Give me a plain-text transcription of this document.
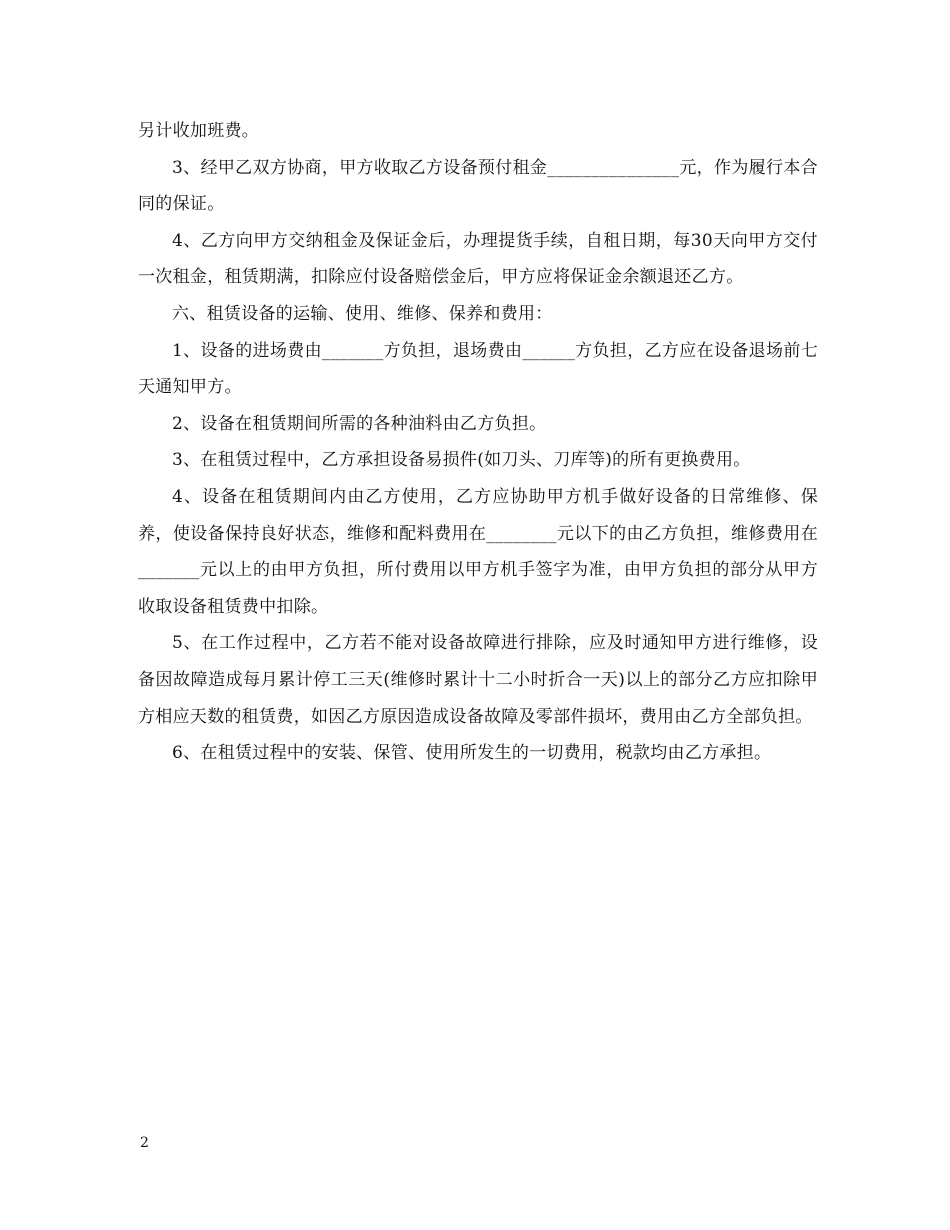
另计收加班费。

3、经甲乙双方协商，甲方收取乙方设备预付租金_______________元，作为履行本合同的保证。

4、乙方向甲方交纳租金及保证金后，办理提货手续，自租日期，每30天向甲方交付一次租金，租赁期满，扣除应付设备赔偿金后，甲方应将保证金余额退还乙方。

六、租赁设备的运输、使用、维修、保养和费用：

1、设备的进场费由_______方负担，退场费由______方负担，乙方应在设备退场前七天通知甲方。

2、设备在租赁期间所需的各种油料由乙方负担。

3、在租赁过程中，乙方承担设备易损件(如刀头、刀库等)的所有更换费用。

4、设备在租赁期间内由乙方使用，乙方应协助甲方机手做好设备的日常维修、保养，使设备保持良好状态，维修和配料费用在________元以下的由乙方负担，维修费用在_______元以上的由甲方负担，所付费用以甲方机手签字为准，由甲方负担的部分从甲方收取设备租赁费中扣除。

5、在工作过程中，乙方若不能对设备故障进行排除，应及时通知甲方进行维修，设备因故障造成每月累计停工三天(维修时累计十二小时折合一天)以上的部分乙方应扣除甲方相应天数的租赁费，如因乙方原因造成设备故障及零部件损坏，费用由乙方全部负担。

6、在租赁过程中的安装、保管、使用所发生的一切费用，税款均由乙方承担。

2
